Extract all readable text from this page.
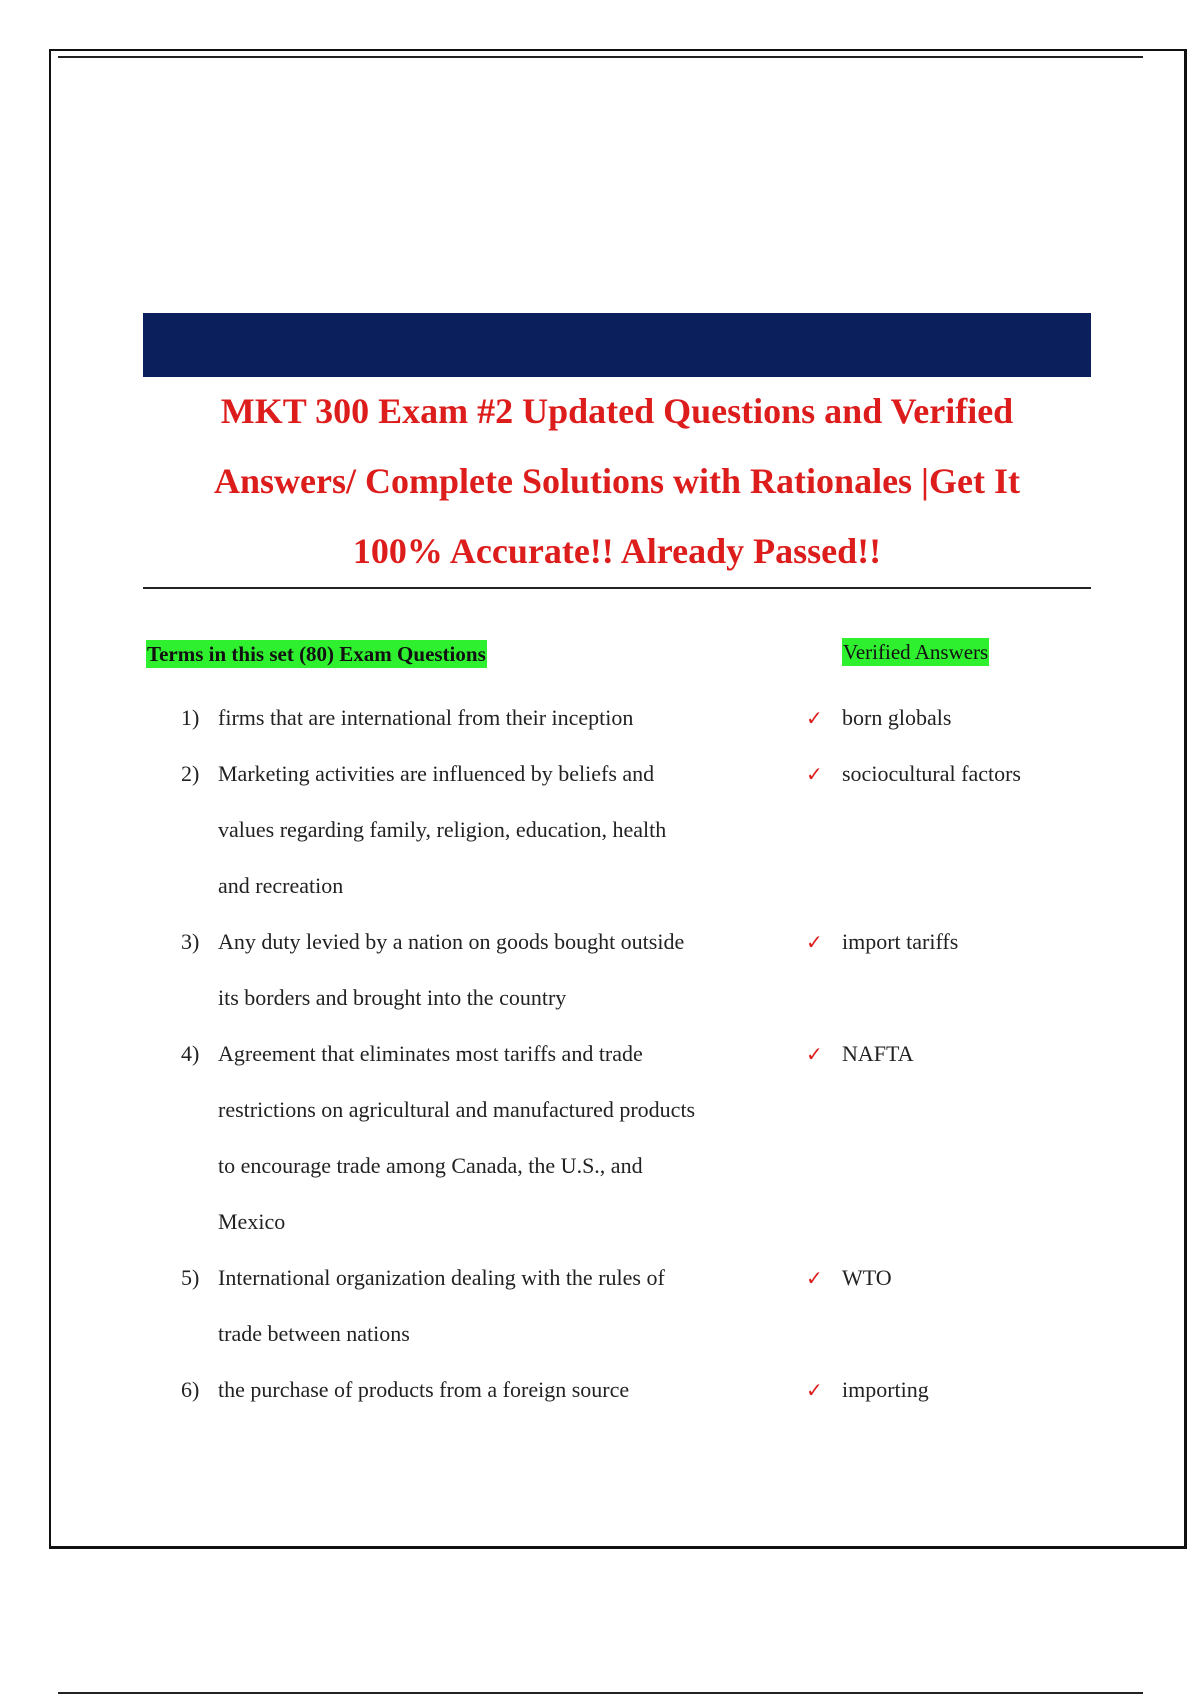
MKT 300 Exam #2 Updated Questions and Verified
Answers/ Complete Solutions with Rationales |Get It
100% Accurate!! Already Passed!!
Terms in this set (80) Exam Questions	Verified Answers
1) firms that are international from their inception	✓ born globals
2) Marketing activities are influenced by beliefs and
values regarding family, religion, education, health
and recreation
✓ sociocultural factors
3) Any duty levied by a nation on goods bought outside
its borders and brought into the country
✓ import tariffs
4) Agreement that eliminates most tariffs and trade
restrictions on agricultural and manufactured products
to encourage trade among Canada, the U.S., and
Mexico
✓ NAFTA
5) International organization dealing with the rules of
trade between nations
✓ WTO
6) the purchase of products from a foreign source	✓ importing
